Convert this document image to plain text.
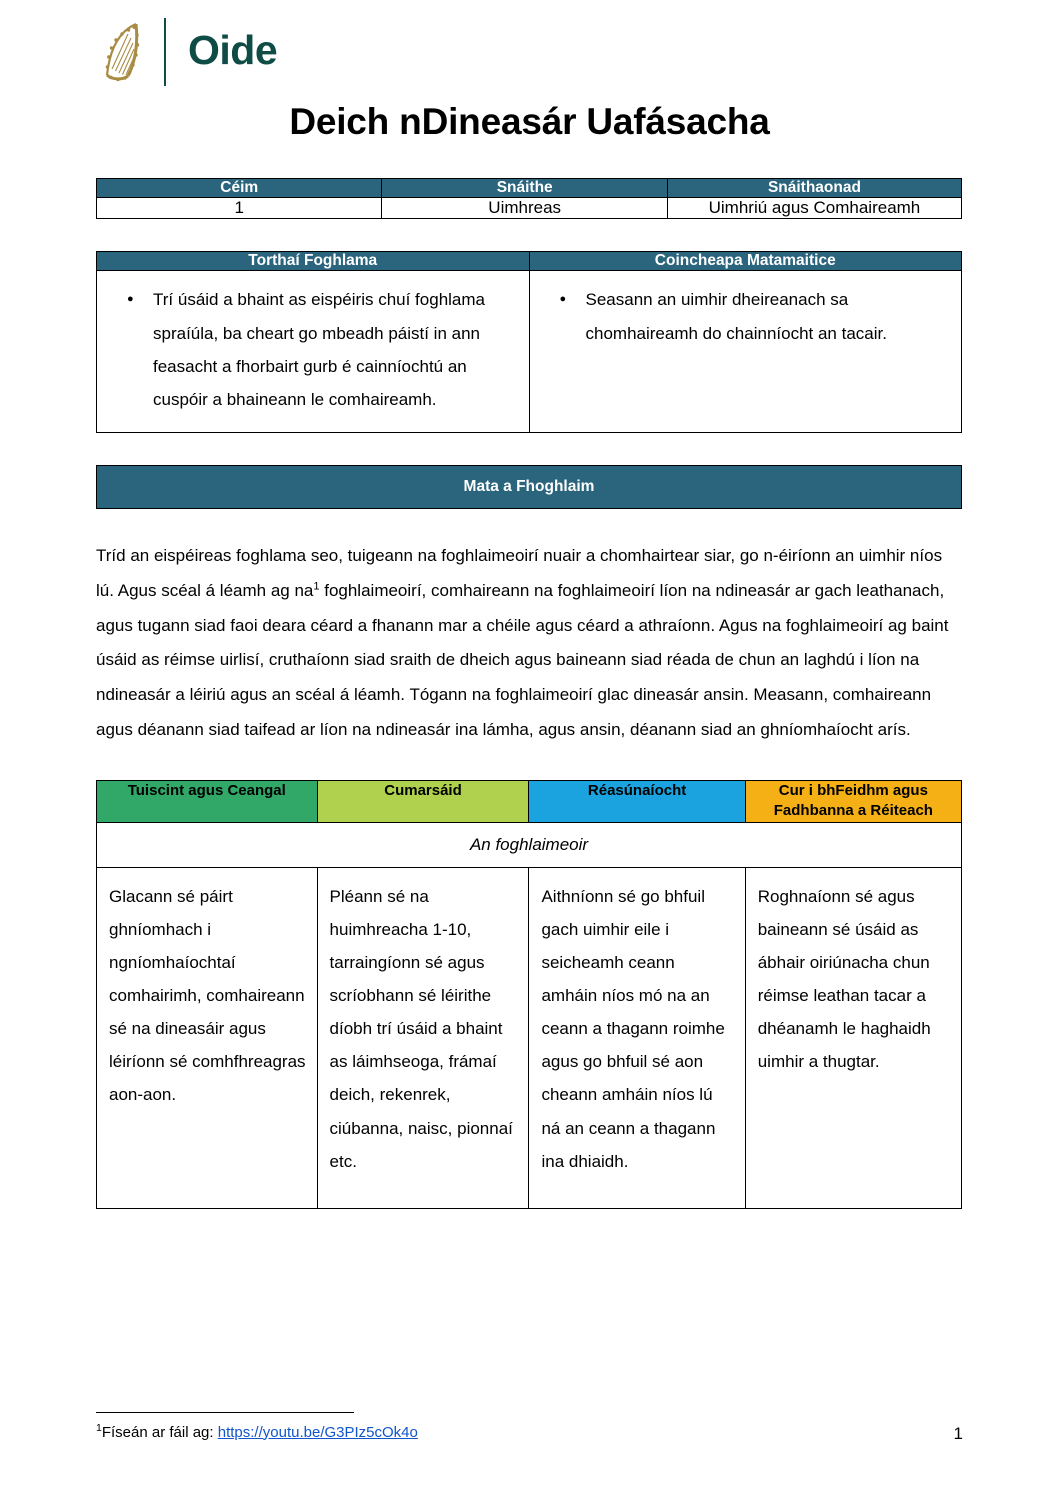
Oide
Deich nDineasár Uafásacha
Céim	Snáithe	Snáithaonad
1	Uimhreas	Uimhriú agus Comhaireamh
Torthaí Foghlama	Coincheapa Matamaitice

● Trí úsáid a bhaint as eispéiris chuí foghlama spraíúla, ba cheart go mbeadh páistí in ann feasacht a fhorbairt gurb é cainníochtú an cuspóir a bhaineann le comhaireamh.

● Seasann an uimhir dheireanach sa chomhaireamh do chainníocht an tacair.
Mata a Fhoghlaim

Tríd an eispéireas foghlama seo, tuigeann na foghlaimeoirí nuair a chomhairtear siar, go n-éiríonn an uimhir níos lú. Agus scéal á léamh ag $na^1$ foghlaimeoirí, comhaireann na foghlaimeoirí líon na ndineasár ar gach leathanach, agus tugann siad faoi deara céard a fhanann mar a chéile agus céard a athraíonn. Agus na foghlaimeoirí ag baint úsáid as réimse uirlisí, cruthaíonn siad sraith de dheich agus baineann siad réada de chun an laghdú i líon na ndineasár a léiriú agus an scéal á léamh. Tógann na foghlaimeoirí glac dineasár ansin. Measann, comhaireann agus déanann siad taifead ar líon na ndineasár ina lámha, agus ansin, déanann siad an ghníomhaíocht arís.

Tuiscint agus Ceangal	Cumarsáid	Réasúnaíocht	Cur i bhFeidhm agus Fadhbanna a Réiteach
An foghlaimeoir			
Glacann sé páirt ghníomhach i ngníomhaíochtaí comhairimh, comhaireann sé na dineasáir agus léiríonn sé comhfhreagras aon-aon.	Pléann sé na huimhreacha 1-10, tarraingíonn sé agus scríobhann sé léirithe díobh trí úsáid a bhaint as láimhseoga, frámaí deich, rekenrek, ciúbanna, naisc, pionnaí etc.	Aithníonn sé go bhfuil gach uimhir eile i seicheamh ceann amháin níos mó na an ceann a thagann roimhe agus go bhfuil sé aon cheann amháin níos lú ná an ceann a thagann ina dhiaidh.	Roghnaíonn sé agus baineann sé úsáid as ábhair oiriúnacha chun réimse leathan tacar a dhéanamh le haghaidh uimhir a thugtar.
$^1$Físeán ar fáil ag: https://youtu.be/G3PIz5cOk4o	1
